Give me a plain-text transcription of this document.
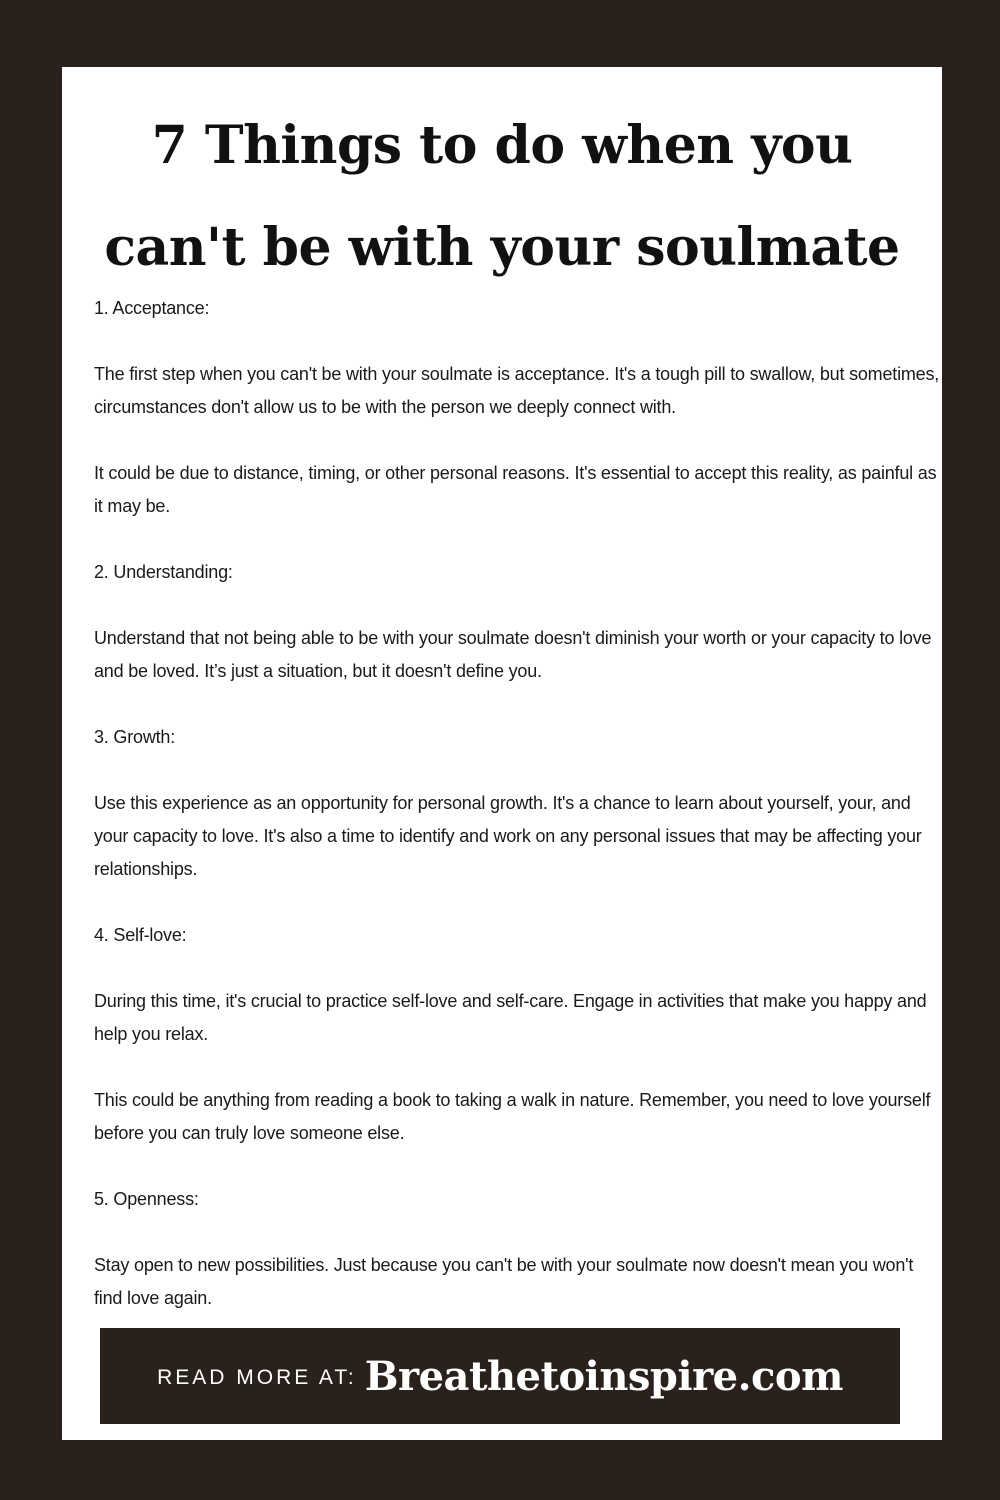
7 Things to do when you
can't be with your soulmate

1. Acceptance:

The first step when you can't be with your soulmate is acceptance. It's a tough pill to swallow, but sometimes, circumstances don't allow us to be with the person we deeply connect with.

It could be due to distance, timing, or other personal reasons. It's essential to accept this reality, as painful as it may be.

2. Understanding:

Understand that not being able to be with your soulmate doesn't diminish your worth or your capacity to love and be loved. It’s just a situation, but it doesn't define you.

3. Growth:

Use this experience as an opportunity for personal growth. It's a chance to learn about yourself, your, and your capacity to love. It's also a time to identify and work on any personal issues that may be affecting your relationships.

4. Self-love:

During this time, it's crucial to practice self-love and self-care. Engage in activities that make you happy and help you relax.

This could be anything from reading a book to taking a walk in nature. Remember, you need to love yourself before you can truly love someone else.

5. Openness:

Stay open to new possibilities. Just because you can't be with your soulmate now doesn't mean you won't find love again.

READ MORE AT: Breathetoinspire.com
